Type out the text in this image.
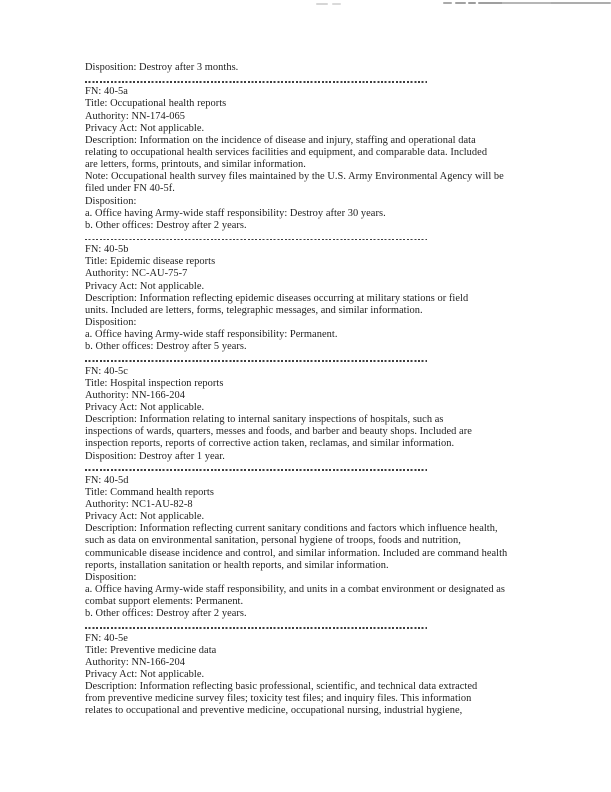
Disposition: Destroy after 3 months.
FN: 40-5a
Title: Occupational health reports
Authority: NN-174-065
Privacy Act: Not applicable.
Description: Information on the incidence of disease and injury, staffing and operational data
relating to occupational health services facilities and equipment, and comparable data. Included
are letters, forms, printouts, and similar information.
Note: Occupational health survey files maintained by the U.S. Army Environmental Agency will be
filed under FN 40-5f.
Disposition:
a. Office having Army-wide staff responsibility: Destroy after 30 years.
b. Other offices: Destroy after 2 years.
FN: 40-5b
Title: Epidemic disease reports
Authority: NC-AU-75-7
Privacy Act: Not applicable.
Description: Information reflecting epidemic diseases occurring at military stations or field
units. Included are letters, forms, telegraphic messages, and similar information.
Disposition:
a. Office having Army-wide staff responsibility: Permanent.
b. Other offices: Destroy after 5 years.
FN: 40-5c
Title: Hospital inspection reports
Authority: NN-166-204
Privacy Act: Not applicable.
Description: Information relating to internal sanitary inspections of hospitals, such as
inspections of wards, quarters, messes and foods, and barber and beauty shops. Included are
inspection reports, reports of corrective action taken, reclamas, and similar information.
Disposition: Destroy after 1 year.
FN: 40-5d
Title: Command health reports
Authority: NC1-AU-82-8
Privacy Act: Not applicable.
Description: Information reflecting current sanitary conditions and factors which influence health,
such as data on environmental sanitation, personal hygiene of troops, foods and nutrition,
communicable disease incidence and control, and similar information. Included are command health
reports, installation sanitation or health reports, and similar information.
Disposition:
a. Office having Army-wide staff responsibility, and units in a combat environment or designated as
combat support elements: Permanent.
b. Other offices: Destroy after 2 years.
FN: 40-5e
Title: Preventive medicine data
Authority: NN-166-204
Privacy Act: Not applicable.
Description: Information reflecting basic professional, scientific, and technical data extracted
from preventive medicine survey files; toxicity test files; and inquiry files. This information
relates to occupational and preventive medicine, occupational nursing, industrial hygiene,
